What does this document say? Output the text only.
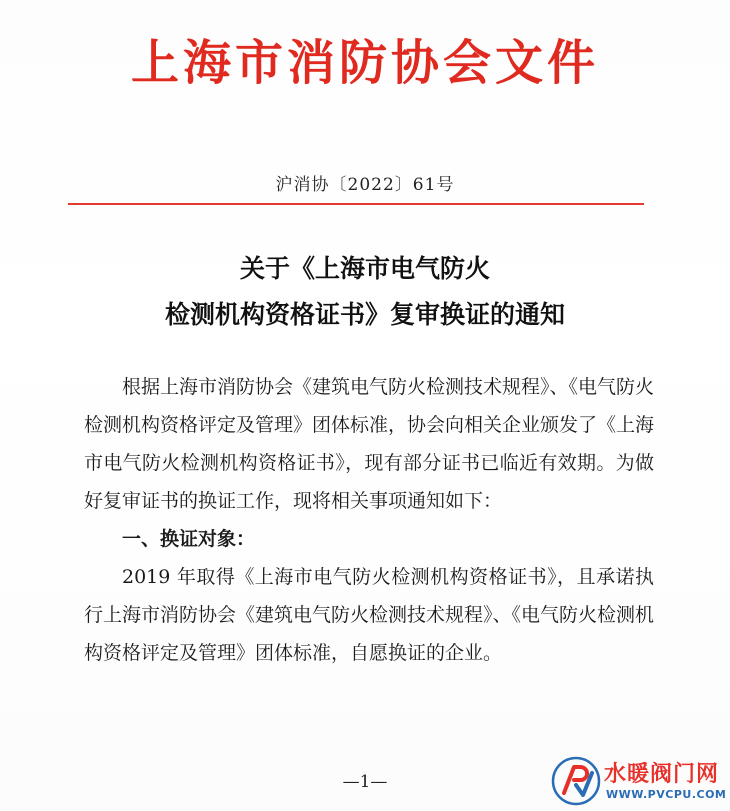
上海市消防协会文件
沪消协〔2022〕61号
关于《上海市电气防火
检测机构资格证书》复审换证的通知

根据上海市消防协会《建筑电气防火检测技术规程》、《电气防火检测机构资格评定及管理》团体标准，协会向相关企业颁发了《上海市电气防火检测机构资格证书》，现有部分证书已临近有效期。为做好复审证书的换证工作，现将相关事项通知如下：

一、换证对象：

2019 年取得《上海市电气防火检测机构资格证书》，且承诺执行上海市消防协会《建筑电气防火检测技术规程》、《电气防火检测机构资格评定及管理》团体标准，自愿换证的企业。

—1—	水暖阀门网
WWW.PVCPU.COM
